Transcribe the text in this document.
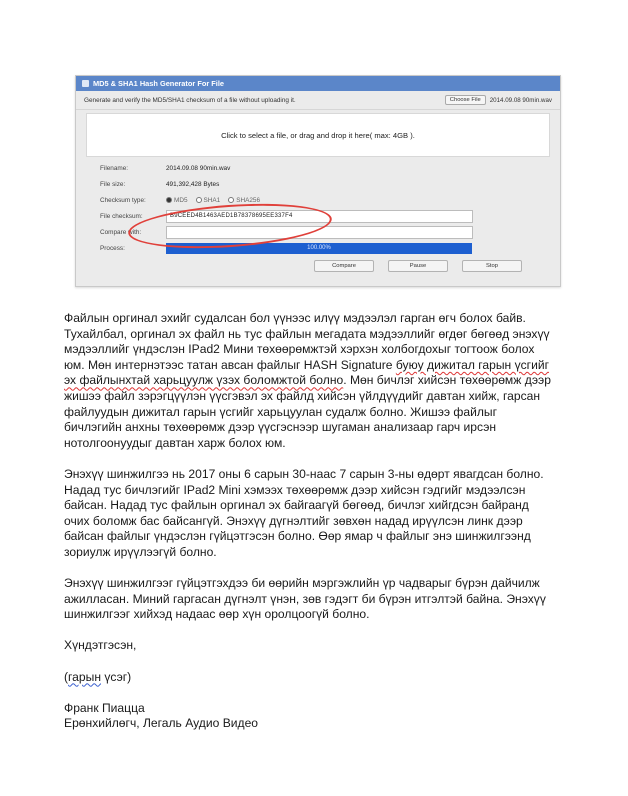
MD5 & SHA1 Hash Generator For File
Generate and verify the MD5/SHA1 checksum of a file without uploading it.	Choose File	2014.09.08 90min.wav
Click to select a file, or drag and drop it here( max: 4GB ).
Filename:	2014.09.08 90min.wav
File size:	491,392,428 Bytes
Checksum type:	MD5	SHA1	SHA256
File checksum:	B9CEED4B1463AED1B78378695EE337F4
Compare with:
Process:	100.00%
Compare	Pause	Stop

Файлын оргинал эхийг судалсан бол үүнээс илүү мэдээлэл гарган өгч болох байв. Тухайлбал, оргинал эх файл нь тус файлын мегадата мэдээллийг өгдөг бөгөөд энэхүү мэдээллийг үндэслэн IPad2 Мини төхөөрөмжтэй хэрхэн холбогдохыг тогтоож болох юм. Мөн интернэтээс татан авсан файлыг HASH Signature буюу дижитал гарын үсгийг эх файлынхтай харьцуулж үзэх боломжтой болно. Мөн бичлэг хийсэн төхөөрөмж дээр жишээ файл зэрэгцүүлэн үүсгэвэл эх файлд хийсэн үйлдүүдийг давтан хийж, гарсан файлуудын дижитал гарын үсгийг харьцуулан судалж болно. Жишээ файлыг бичлэгийн анхны төхөөрөмж дээр үүсгэснээр шугаман анализаар гарч ирсэн нотолгоонуудыг давтан харж болох юм.

Энэхүү шинжилгээ нь 2017 оны 6 сарын 30-наас 7 сарын 3-ны өдөрт явагдсан болно. Надад тус бичлэгийг IPad2 Mini хэмээх төхөөрөмж дээр хийсэн гэдгийг мэдээлсэн байсан. Надад тус файлын оргинал эх байгаагүй бөгөөд, бичлэг хийгдсэн байранд очих боломж бас байсангүй. Энэхүү дүгнэлтийг зөвхөн надад ирүүлсэн линк дээр байсан файлыг үндэслэн гүйцэтгэсэн болно. Өөр ямар ч файлыг энэ шинжилгээнд зориулж ирүүлээгүй болно.

Энэхүү шинжилгээг гүйцэтгэхдээ би өөрийн мэргэжлийн үр чадварыг бүрэн дайчилж ажилласан. Миний гаргасан дүгнэлт үнэн, зөв гэдэгт би бүрэн итгэлтэй байна. Энэхүү шинжилгээг хийхэд надаас өөр хүн оролцоогүй болно.

Хүндэтгэсэн,

(гарын үсэг)

Франк Пиацца
Ерөнхийлөгч, Легаль Аудио Видео
